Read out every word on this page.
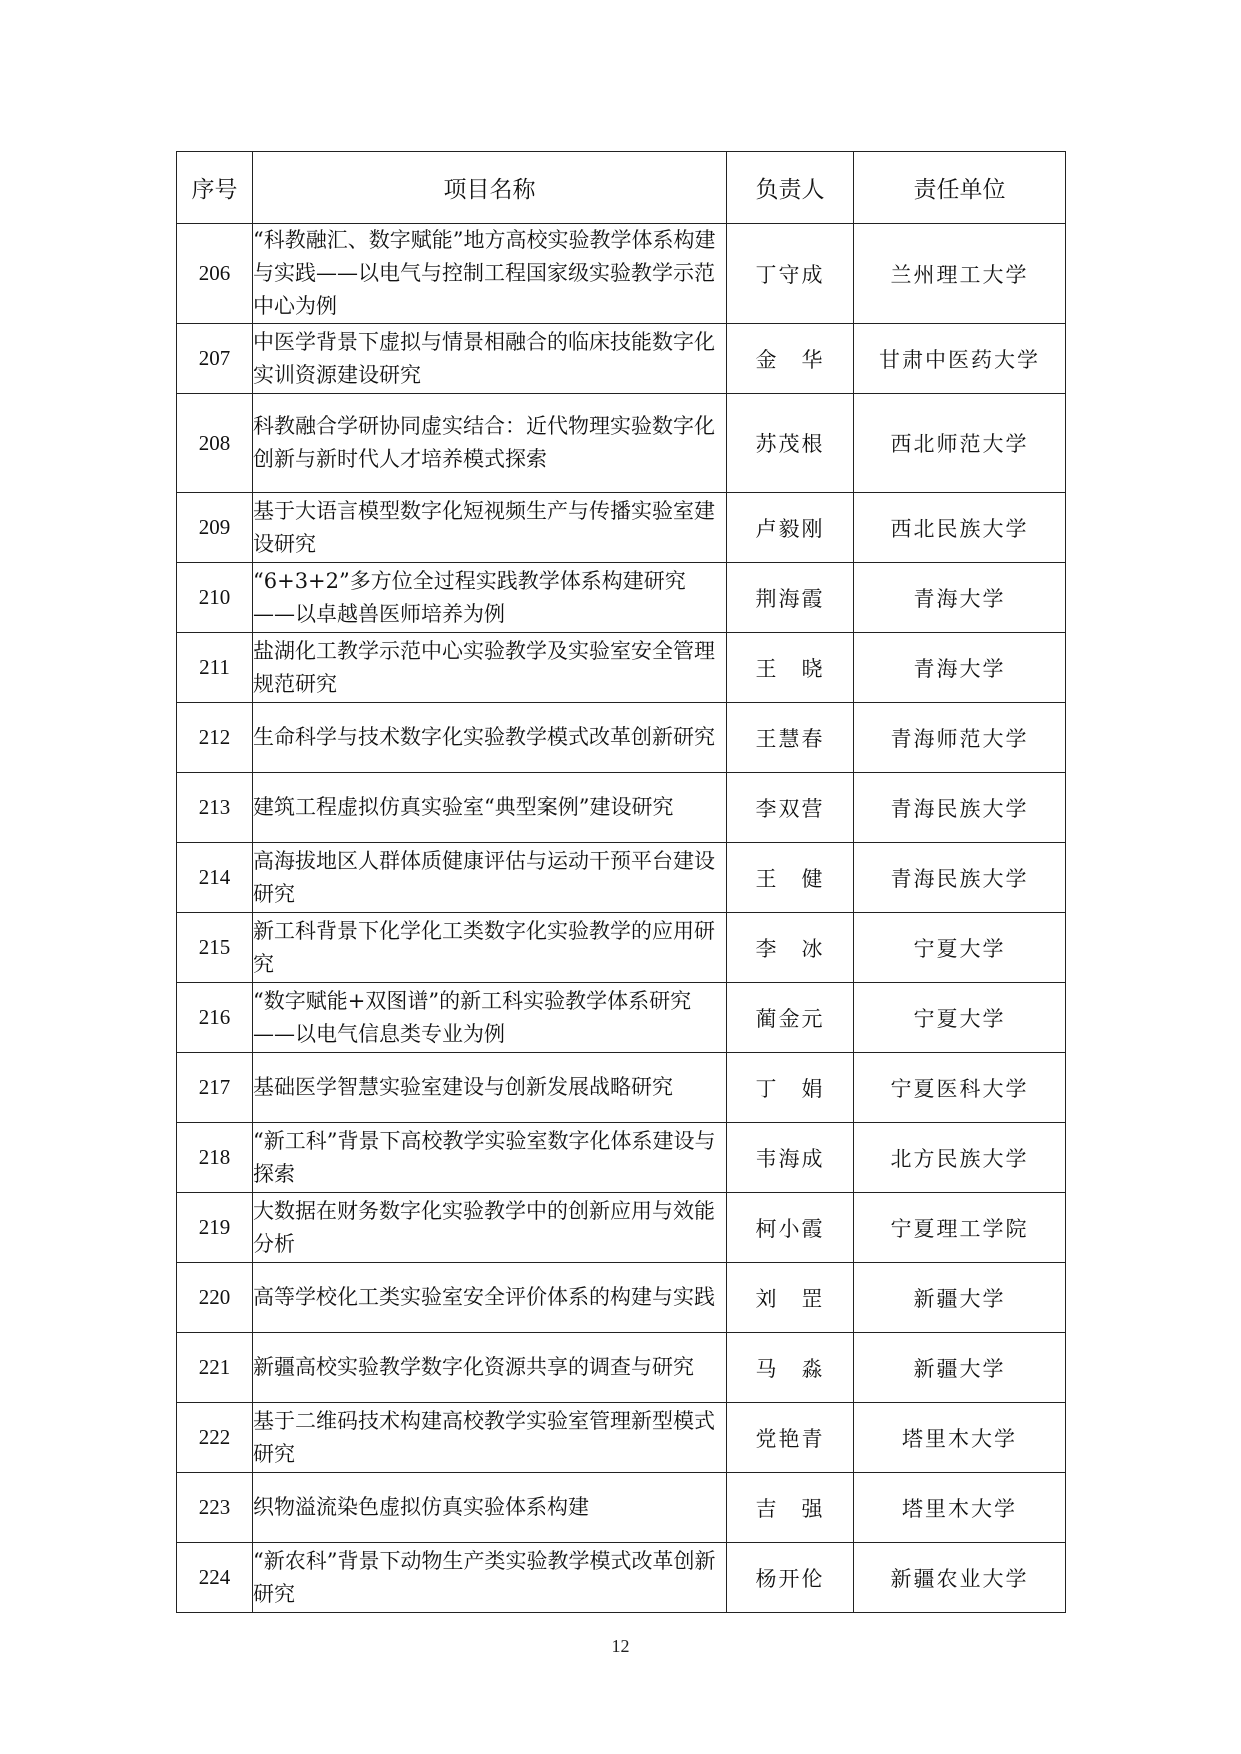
序号	项目名称	负责人	责任单位
206	“科教融汇、数字赋能”地方高校实验教学体系构建与实践——以电气与控制工程国家级实验教学示范中心为例	丁守成	兰州理工大学
207	中医学背景下虚拟与情景相融合的临床技能数字化实训资源建设研究	金　华	甘肃中医药大学
208	科教融合学研协同虚实结合：近代物理实验数字化创新与新时代人才培养模式探索	苏茂根	西北师范大学
209	基于大语言模型数字化短视频生产与传播实验室建设研究	卢毅刚	西北民族大学
210	“6+3+2”多方位全过程实践教学体系构建研究——以卓越兽医师培养为例	荆海霞	青海大学
211	盐湖化工教学示范中心实验教学及实验室安全管理规范研究	王　晓	青海大学
212	生命科学与技术数字化实验教学模式改革创新研究	王慧春	青海师范大学
213	建筑工程虚拟仿真实验室“典型案例”建设研究	李双营	青海民族大学
214	高海拔地区人群体质健康评估与运动干预平台建设研究	王　健	青海民族大学
215	新工科背景下化学化工类数字化实验教学的应用研究	李　冰	宁夏大学
216	“数字赋能+双图谱”的新工科实验教学体系研究——以电气信息类专业为例	蔺金元	宁夏大学
217	基础医学智慧实验室建设与创新发展战略研究	丁　娟	宁夏医科大学
218	“新工科”背景下高校教学实验室数字化体系建设与探索	韦海成	北方民族大学
219	大数据在财务数字化实验教学中的创新应用与效能分析	柯小霞	宁夏理工学院
220	高等学校化工类实验室安全评价体系的构建与实践	刘　罡	新疆大学
221	新疆高校实验教学数字化资源共享的调查与研究	马　淼	新疆大学
222	基于二维码技术构建高校教学实验室管理新型模式研究	党艳青	塔里木大学
223	织物溢流染色虚拟仿真实验体系构建	吉　强	塔里木大学
224	“新农科”背景下动物生产类实验教学模式改革创新研究	杨开伦	新疆农业大学
12
